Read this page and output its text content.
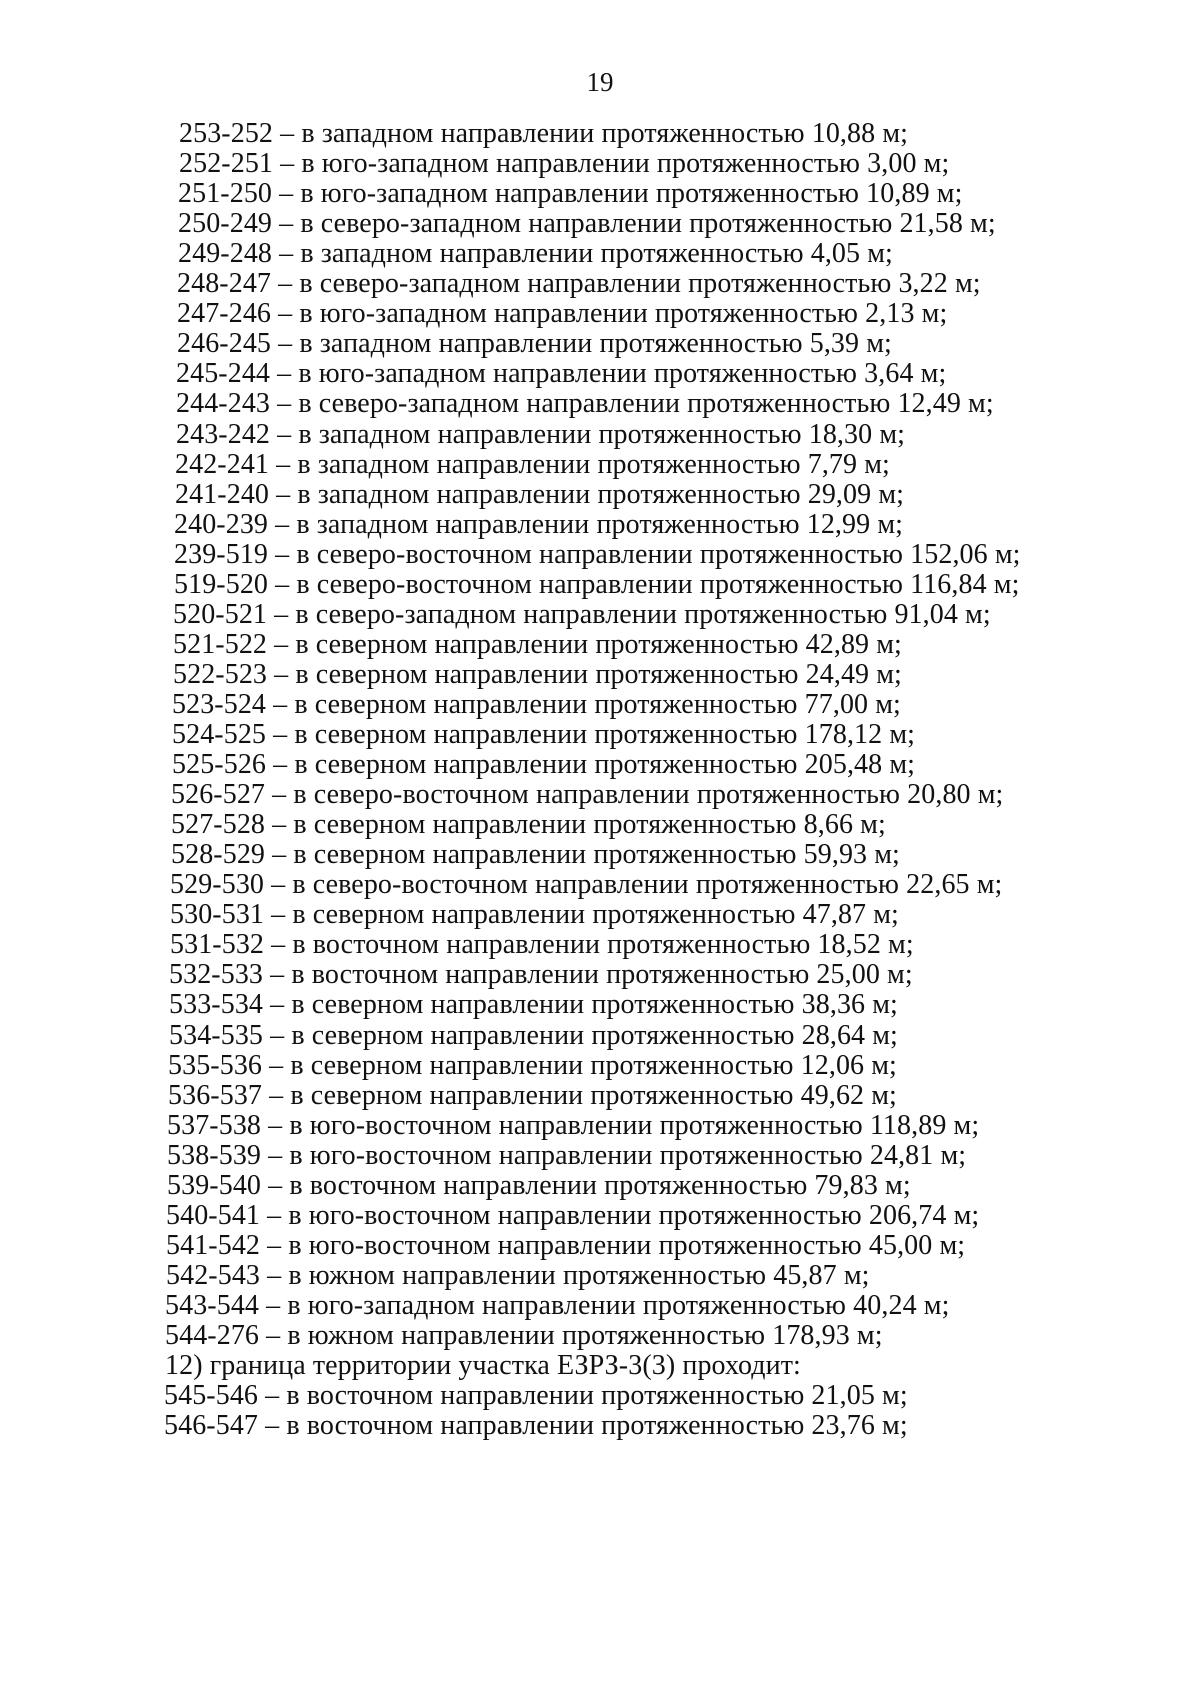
19
253-252 – в западном направлении протяженностью 10,88 м;
252-251 – в юго-западном направлении протяженностью 3,00 м;
251-250 – в юго-западном направлении протяженностью 10,89 м;
250-249 – в северо-западном направлении протяженностью 21,58 м;
249-248 – в западном направлении протяженностью 4,05 м;
248-247 – в северо-западном направлении протяженностью 3,22 м;
247-246 – в юго-западном направлении протяженностью 2,13 м;
246-245 – в западном направлении протяженностью 5,39 м;
245-244 – в юго-западном направлении протяженностью 3,64 м;
244-243 – в северо-западном направлении протяженностью 12,49 м;
243-242 – в западном направлении протяженностью 18,30 м;
242-241 – в западном направлении протяженностью 7,79 м;
241-240 – в западном направлении протяженностью 29,09 м;
240-239 – в западном направлении протяженностью 12,99 м;
239-519 – в северо-восточном направлении протяженностью 152,06 м;
519-520 – в северо-восточном направлении протяженностью 116,84 м;
520-521 – в северо-западном направлении протяженностью 91,04 м;
521-522 – в северном направлении протяженностью 42,89 м;
522-523 – в северном направлении протяженностью 24,49 м;
523-524 – в северном направлении протяженностью 77,00 м;
524-525 – в северном направлении протяженностью 178,12 м;
525-526 – в северном направлении протяженностью 205,48 м;
526-527 – в северо-восточном направлении протяженностью 20,80 м;
527-528 – в северном направлении протяженностью 8,66 м;
528-529 – в северном направлении протяженностью 59,93 м;
529-530 – в северо-восточном направлении протяженностью 22,65 м;
530-531 – в северном направлении протяженностью 47,87 м;
531-532 – в восточном направлении протяженностью 18,52 м;
532-533 – в восточном направлении протяженностью 25,00 м;
533-534 – в северном направлении протяженностью 38,36 м;
534-535 – в северном направлении протяженностью 28,64 м;
535-536 – в северном направлении протяженностью 12,06 м;
536-537 – в северном направлении протяженностью 49,62 м;
537-538 – в юго-восточном направлении протяженностью 118,89 м;
538-539 – в юго-восточном направлении протяженностью 24,81 м;
539-540 – в восточном направлении протяженностью 79,83 м;
540-541 – в юго-восточном направлении протяженностью 206,74 м;
541-542 – в юго-восточном направлении протяженностью 45,00 м;
542-543 – в южном направлении протяженностью 45,87 м;
543-544 – в юго-западном направлении протяженностью 40,24 м;
544-276 – в южном направлении протяженностью 178,93 м;
12) граница территории участка ЕЗРЗ-3(3) проходит:
545-546 – в восточном направлении протяженностью 21,05 м;
546-547 – в восточном направлении протяженностью 23,76 м;
